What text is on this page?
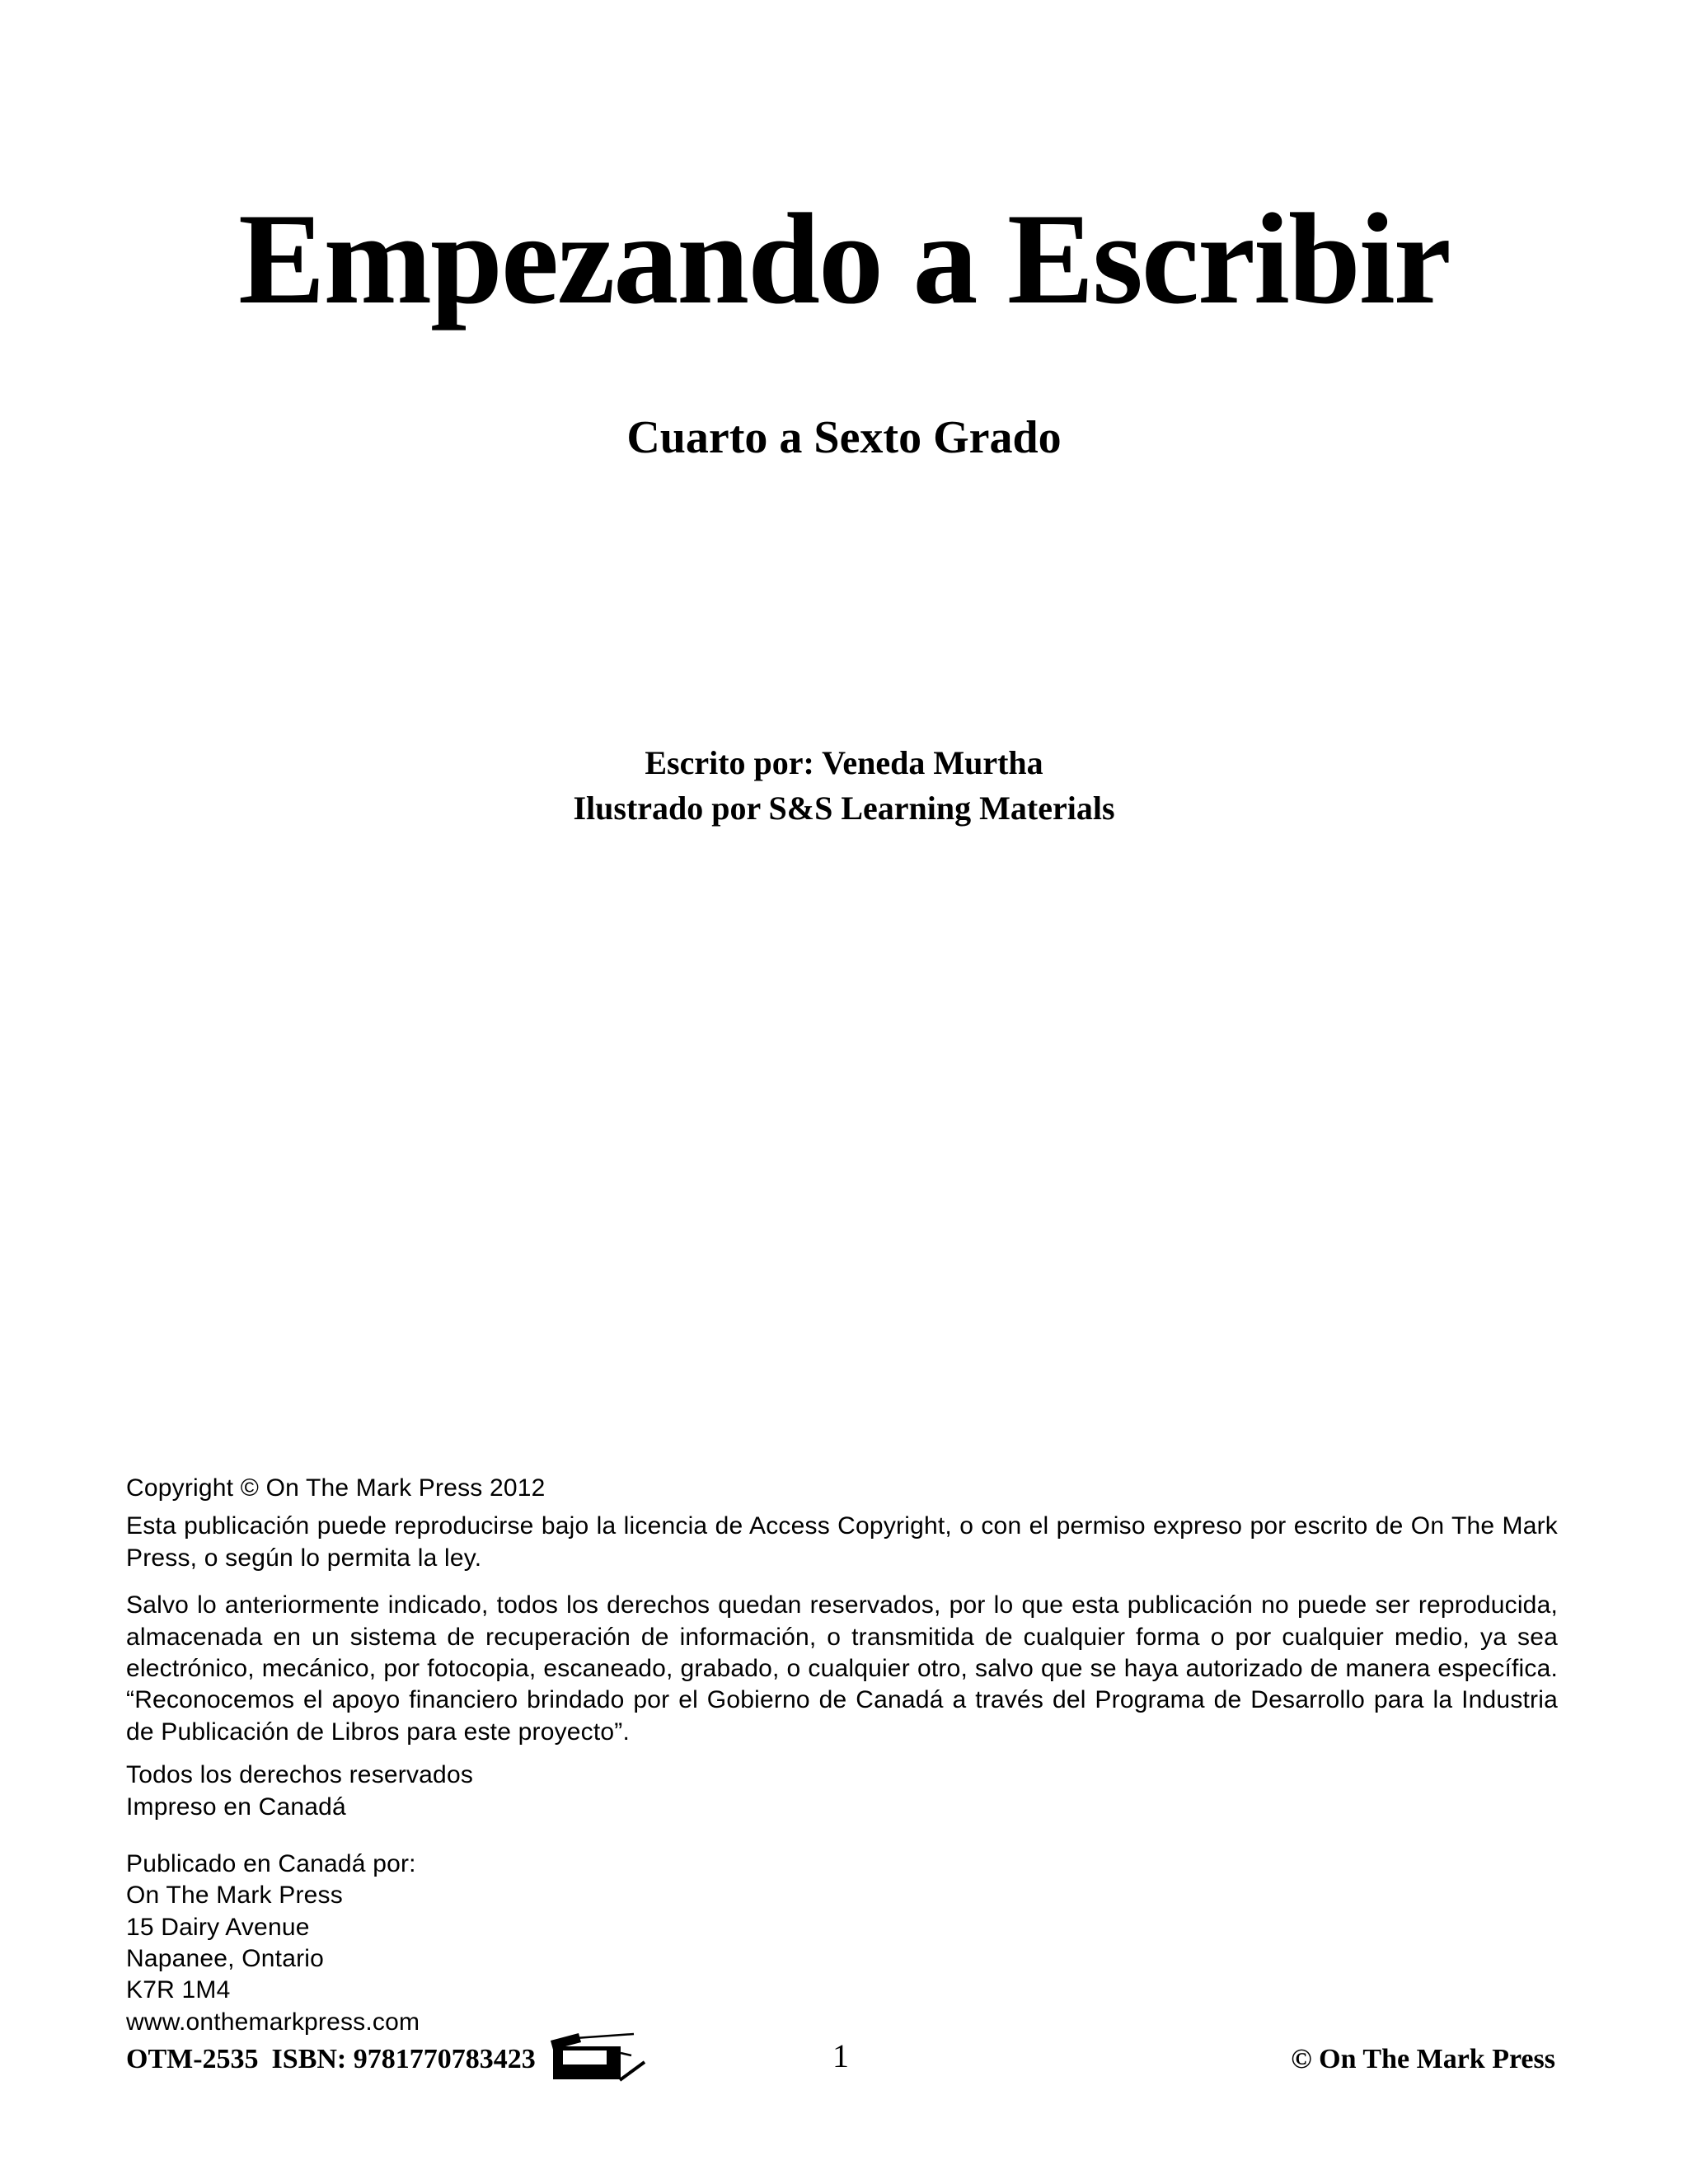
Empezando a Escribir
Cuarto a Sexto Grado
Escrito por: Veneda Murtha
Ilustrado por S&S Learning Materials

Copyright © On The Mark Press 2012

Esta publicación puede reproducirse bajo la licencia de Access Copyright, o con el permiso expreso por escrito de On The Mark Press, o según lo permita la ley.

Salvo lo anteriormente indicado, todos los derechos quedan reservados, por lo que esta publicación no puede ser reproducida, almacenada en un sistema de recuperación de información, o transmitida de cualquier forma o por cualquier medio, ya sea electrónico, mecánico, por fotocopia, escaneado, grabado, o cualquier otro, salvo que se haya autorizado de manera específica. “Reconocemos el apoyo financiero brindado por el Gobierno de Canadá a través del Programa de Desarrollo para la Industria de Publicación de Libros para este proyecto”.

Todos los derechos reservados
Impreso en Canadá

Publicado en Canadá por:
On The Mark Press
15 Dairy Avenue
Napanee, Ontario
K7R 1M4
www.onthemarkpress.com

OTM-2535 ISBN: 9781770783423	1	© On The Mark Press
